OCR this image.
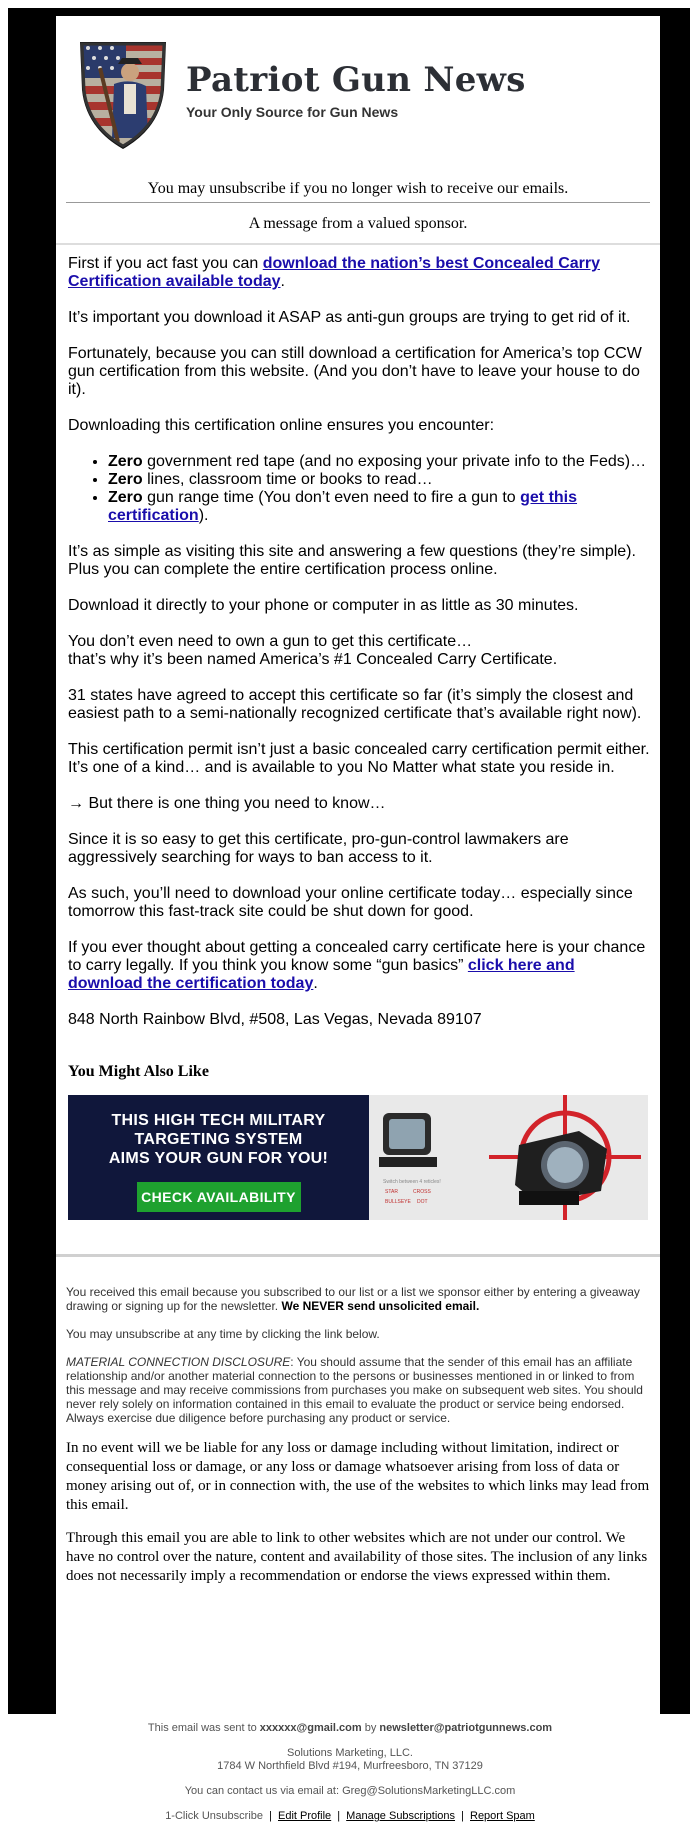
Patriot Gun News
Your Only Source for Gun News
You may unsubscribe if you no longer wish to receive our emails.
A message from a valued sponsor.

First if you act fast you can download the nation’s best Concealed Carry Certification available today.

It’s important you download it ASAP as anti-gun groups are trying to get rid of it.

Fortunately, because you can still download a certification for America’s top CCW gun certification from this website. (And you don’t have to leave your house to do it).

Downloading this certification online ensures you encounter:

• Zero government red tape (and no exposing your private info to the Feds)…
• Zero lines, classroom time or books to read…
• Zero gun range time (You don’t even need to fire a gun to get this certification).

It’s as simple as visiting this site and answering a few questions (they’re simple). Plus you can complete the entire certification process online.

Download it directly to your phone or computer in as little as 30 minutes.

You don’t even need to own a gun to get this certificate…
that’s why it’s been named America’s #1 Concealed Carry Certificate.

31 states have agreed to accept this certificate so far (it’s simply the closest and easiest path to a semi-nationally recognized certificate that’s available right now).

This certification permit isn’t just a basic concealed carry certification permit either. It’s one of a kind… and is available to you No Matter what state you reside in.

→ But there is one thing you need to know…

Since it is so easy to get this certificate, pro-gun-control lawmakers are aggressively searching for ways to ban access to it.

As such, you’ll need to download your online certificate today… especially since tomorrow this fast-track site could be shut down for good.

If you ever thought about getting a concealed carry certificate here is your chance to carry legally. If you think you know some “gun basics” click here and download the certification today.

848 North Rainbow Blvd, #508, Las Vegas, Nevada 89107

You Might Also Like
THIS HIGH TECH MILITARY
TARGETING SYSTEM
AIMS YOUR GUN FOR YOU!
CHECK AVAILABILITY
Switch between 4 reticles!
STAR	CROSS
BULLSEYE DOT

You received this email because you subscribed to our list or a list we sponsor either by entering a giveaway drawing or signing up for the newsletter. We NEVER send unsolicited email.

You may unsubscribe at any time by clicking the link below.

MATERIAL CONNECTION DISCLOSURE: You should assume that the sender of this email has an affiliate relationship and/or another material connection to the persons or businesses mentioned in or linked to from this message and may receive commissions from purchases you make on subsequent web sites. You should never rely solely on information contained in this email to evaluate the product or service being endorsed. Always exercise due diligence before purchasing any product or service.

In no event will we be liable for any loss or damage including without limitation, indirect or consequential loss or damage, or any loss or damage whatsoever arising from loss of data or money arising out of, or in connection with, the use of the websites to which links may lead from this email.

Through this email you are able to link to other websites which are not under our control. We have no control over the nature, content and availability of those sites. The inclusion of any links does not necessarily imply a recommendation or endorse the views expressed within them.

This email was sent to xxxxxx@gmail.com by newsletter@patriotgunnews.com
Solutions Marketing, LLC.
1784 W Northfield Blvd #194, Murfreesboro, TN 37129
You can contact us via email at: Greg@SolutionsMarketingLLC.com
1-Click Unsubscribe | Edit Profile | Manage Subscriptions | Report Spam
